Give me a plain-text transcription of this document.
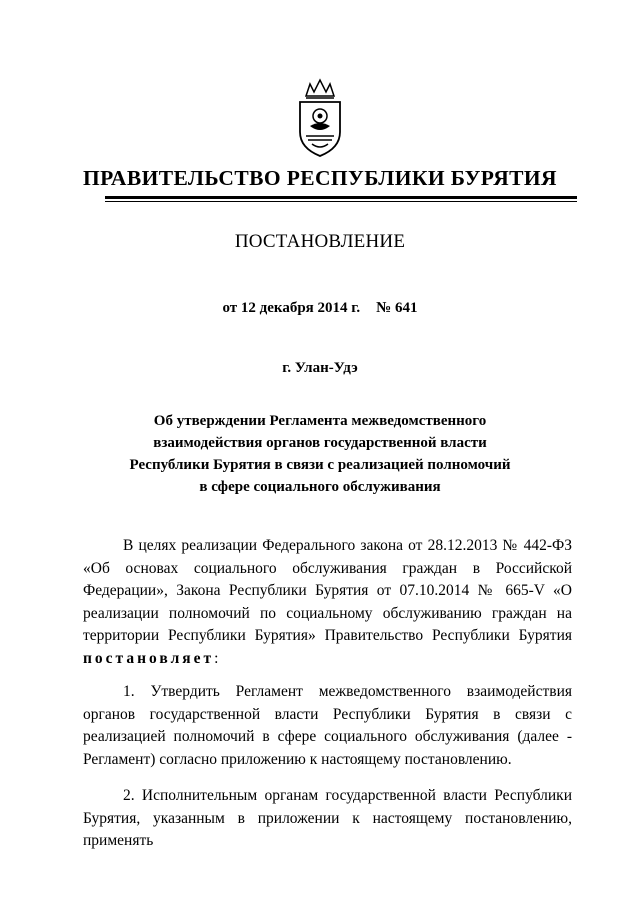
ПРАВИТЕЛЬСТВО РЕСПУБЛИКИ БУРЯТИЯ
ПОСТАНОВЛЕНИЕ
от 12 декабря 2014 г. № 641
г. Улан-Удэ
Об утверждении Регламента межведомственного
взаимодействия органов государственной власти
Республики Бурятия в связи с реализацией полномочий
в сфере социального обслуживания
В целях реализации Федерального закона от 28.12.2013 № 442-ФЗ «Об основах социального обслуживания граждан в Российской Федерации», Закона Республики Бурятия от 07.10.2014 № 665-V «О реализации полномочий по социальному обслуживанию граждан на территории Республики Бурятия» Правительство Республики Бурятия постановляет:
1. Утвердить Регламент межведомственного взаимодействия органов государственной власти Республики Бурятия в связи с реализацией полномочий в сфере социального обслуживания (далее - Регламент) согласно приложению к настоящему постановлению.
2. Исполнительным органам государственной власти Республики Бурятия, указанным в приложении к настоящему постановлению, применять
